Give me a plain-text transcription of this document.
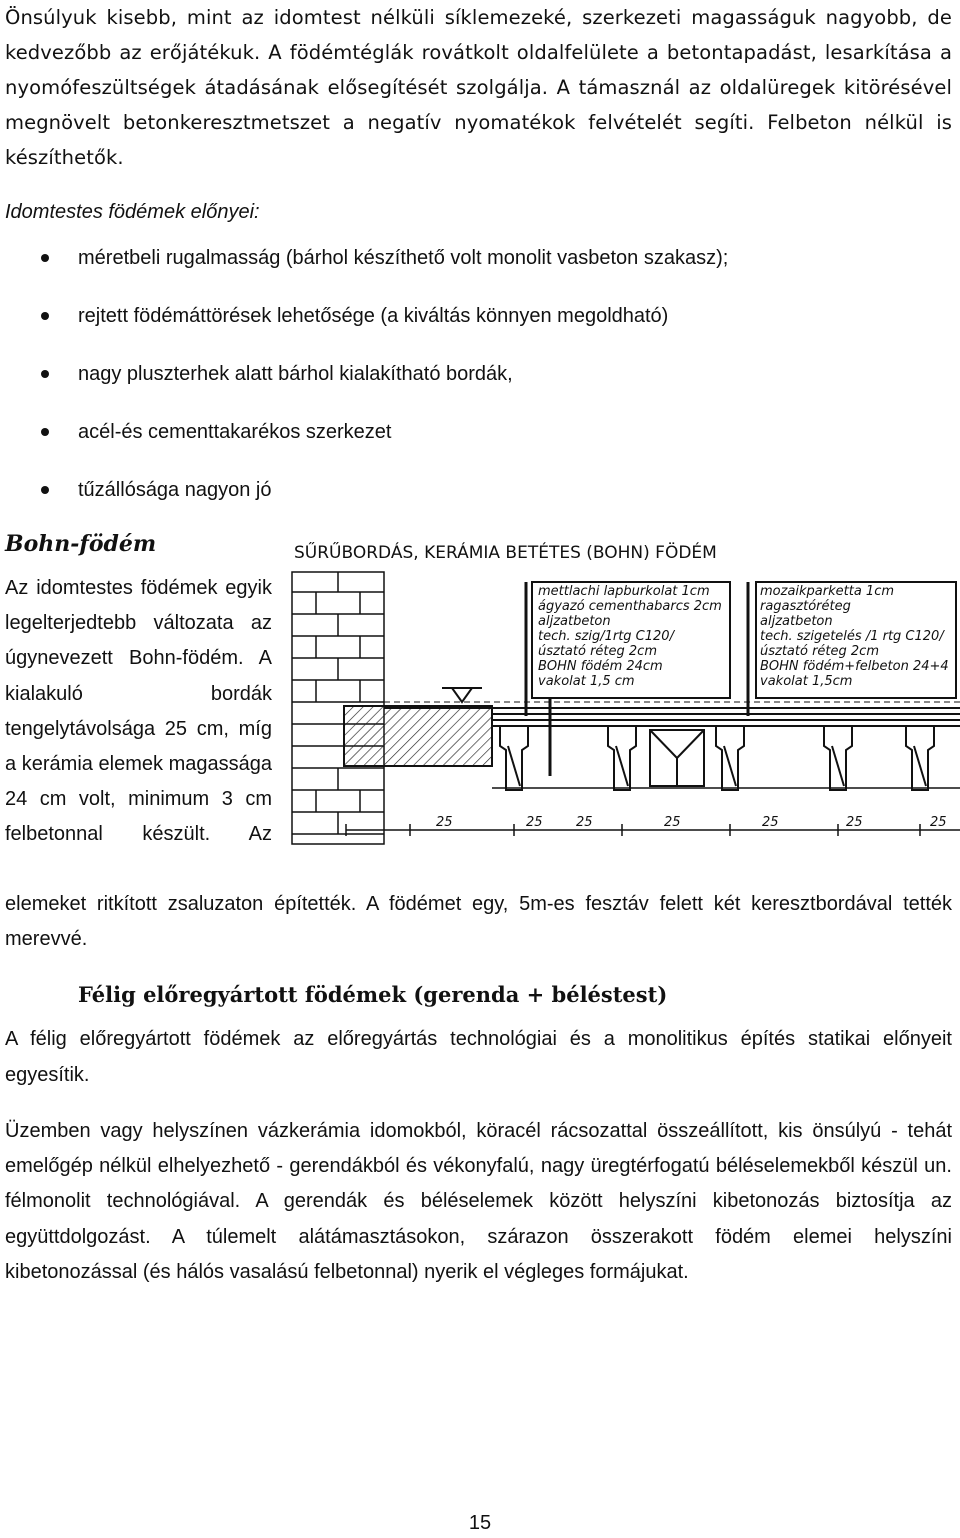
Önsúlyuk kisebb, mint az idomtest nélküli síklemezeké, szerkezeti magasságuk nagyobb, de kedvezőbb az erőjátékuk. A födémtéglák rovátkolt oldalfelülete a betontapadást, lesarkítása a nyomófeszültségek átadásának elősegítését szolgálja. A támasznál az oldalüregek kitörésével megnövelt betonkeresztmetszet a negatív nyomatékok felvételét segíti. Felbeton nélkül is készíthetők.

Idomtestes födémek előnyei:

méretbeli rugalmasság (bárhol készíthető volt monolit vasbeton szakasz);
rejtett födémáttörések lehetősége (a kiváltás könnyen megoldható)
nagy pluszterhek alatt bárhol kialakítható bordák,
acél-és cementtakarékos szerkezet
tűzállósága nagyon jó

Bohn-födém

Az idomtestes födémek egyik legelterjedtebb változata az úgynevezett Bohn-födém. A kialakuló bordák tengelytávolsága 25 cm, míg a kerámia elemek magassága 24 cm volt, minimum 3 cm felbetonnal készült. Az

SŰRŰBORDÁS, KERÁMIA BETÉTES (BOHN) FÖDÉM
mettlachi lapburkolat 1cm
ágyazó cementhabarcs 2cm
aljzatbeton
tech. szig/1rtg C120/
úsztató réteg 2cm
BOHN födém 24cm
vakolat 1,5 cm
mozaikparketta 1cm
ragasztóréteg
aljzatbeton
tech. szigetelés /1 rtg C120/
úsztató réteg 2cm
BOHN födém+felbeton 24+4
vakolat 1,5cm
25	25	25	25	25	25	25

elemeket ritkított zsaluzaton építették. A födémet egy, 5m-es fesztáv felett két keresztbordával tették merevvé.

Félig előregyártott födémek (gerenda + béléstest)

A félig előregyártott födémek az előregyártás technológiai és a monolitikus építés statikai előnyeit egyesítik.

Üzemben vagy helyszínen vázkerámia idomokból, köracél rácsozattal összeállított, kis önsúlyú - tehát emelőgép nélkül elhelyezhető - gerendákból és vékonyfalú, nagy üregtérfogatú béléselemekből készül un. félmonolit technológiával. A gerendák és béléselemek között helyszíni kibetonozás biztosítja az együttdolgozást. A túlemelt alátámasztásokon, szárazon összerakott födém elemei helyszíni kibetonozással (és hálós vasalású felbetonnal) nyerik el végleges formájukat.

15
